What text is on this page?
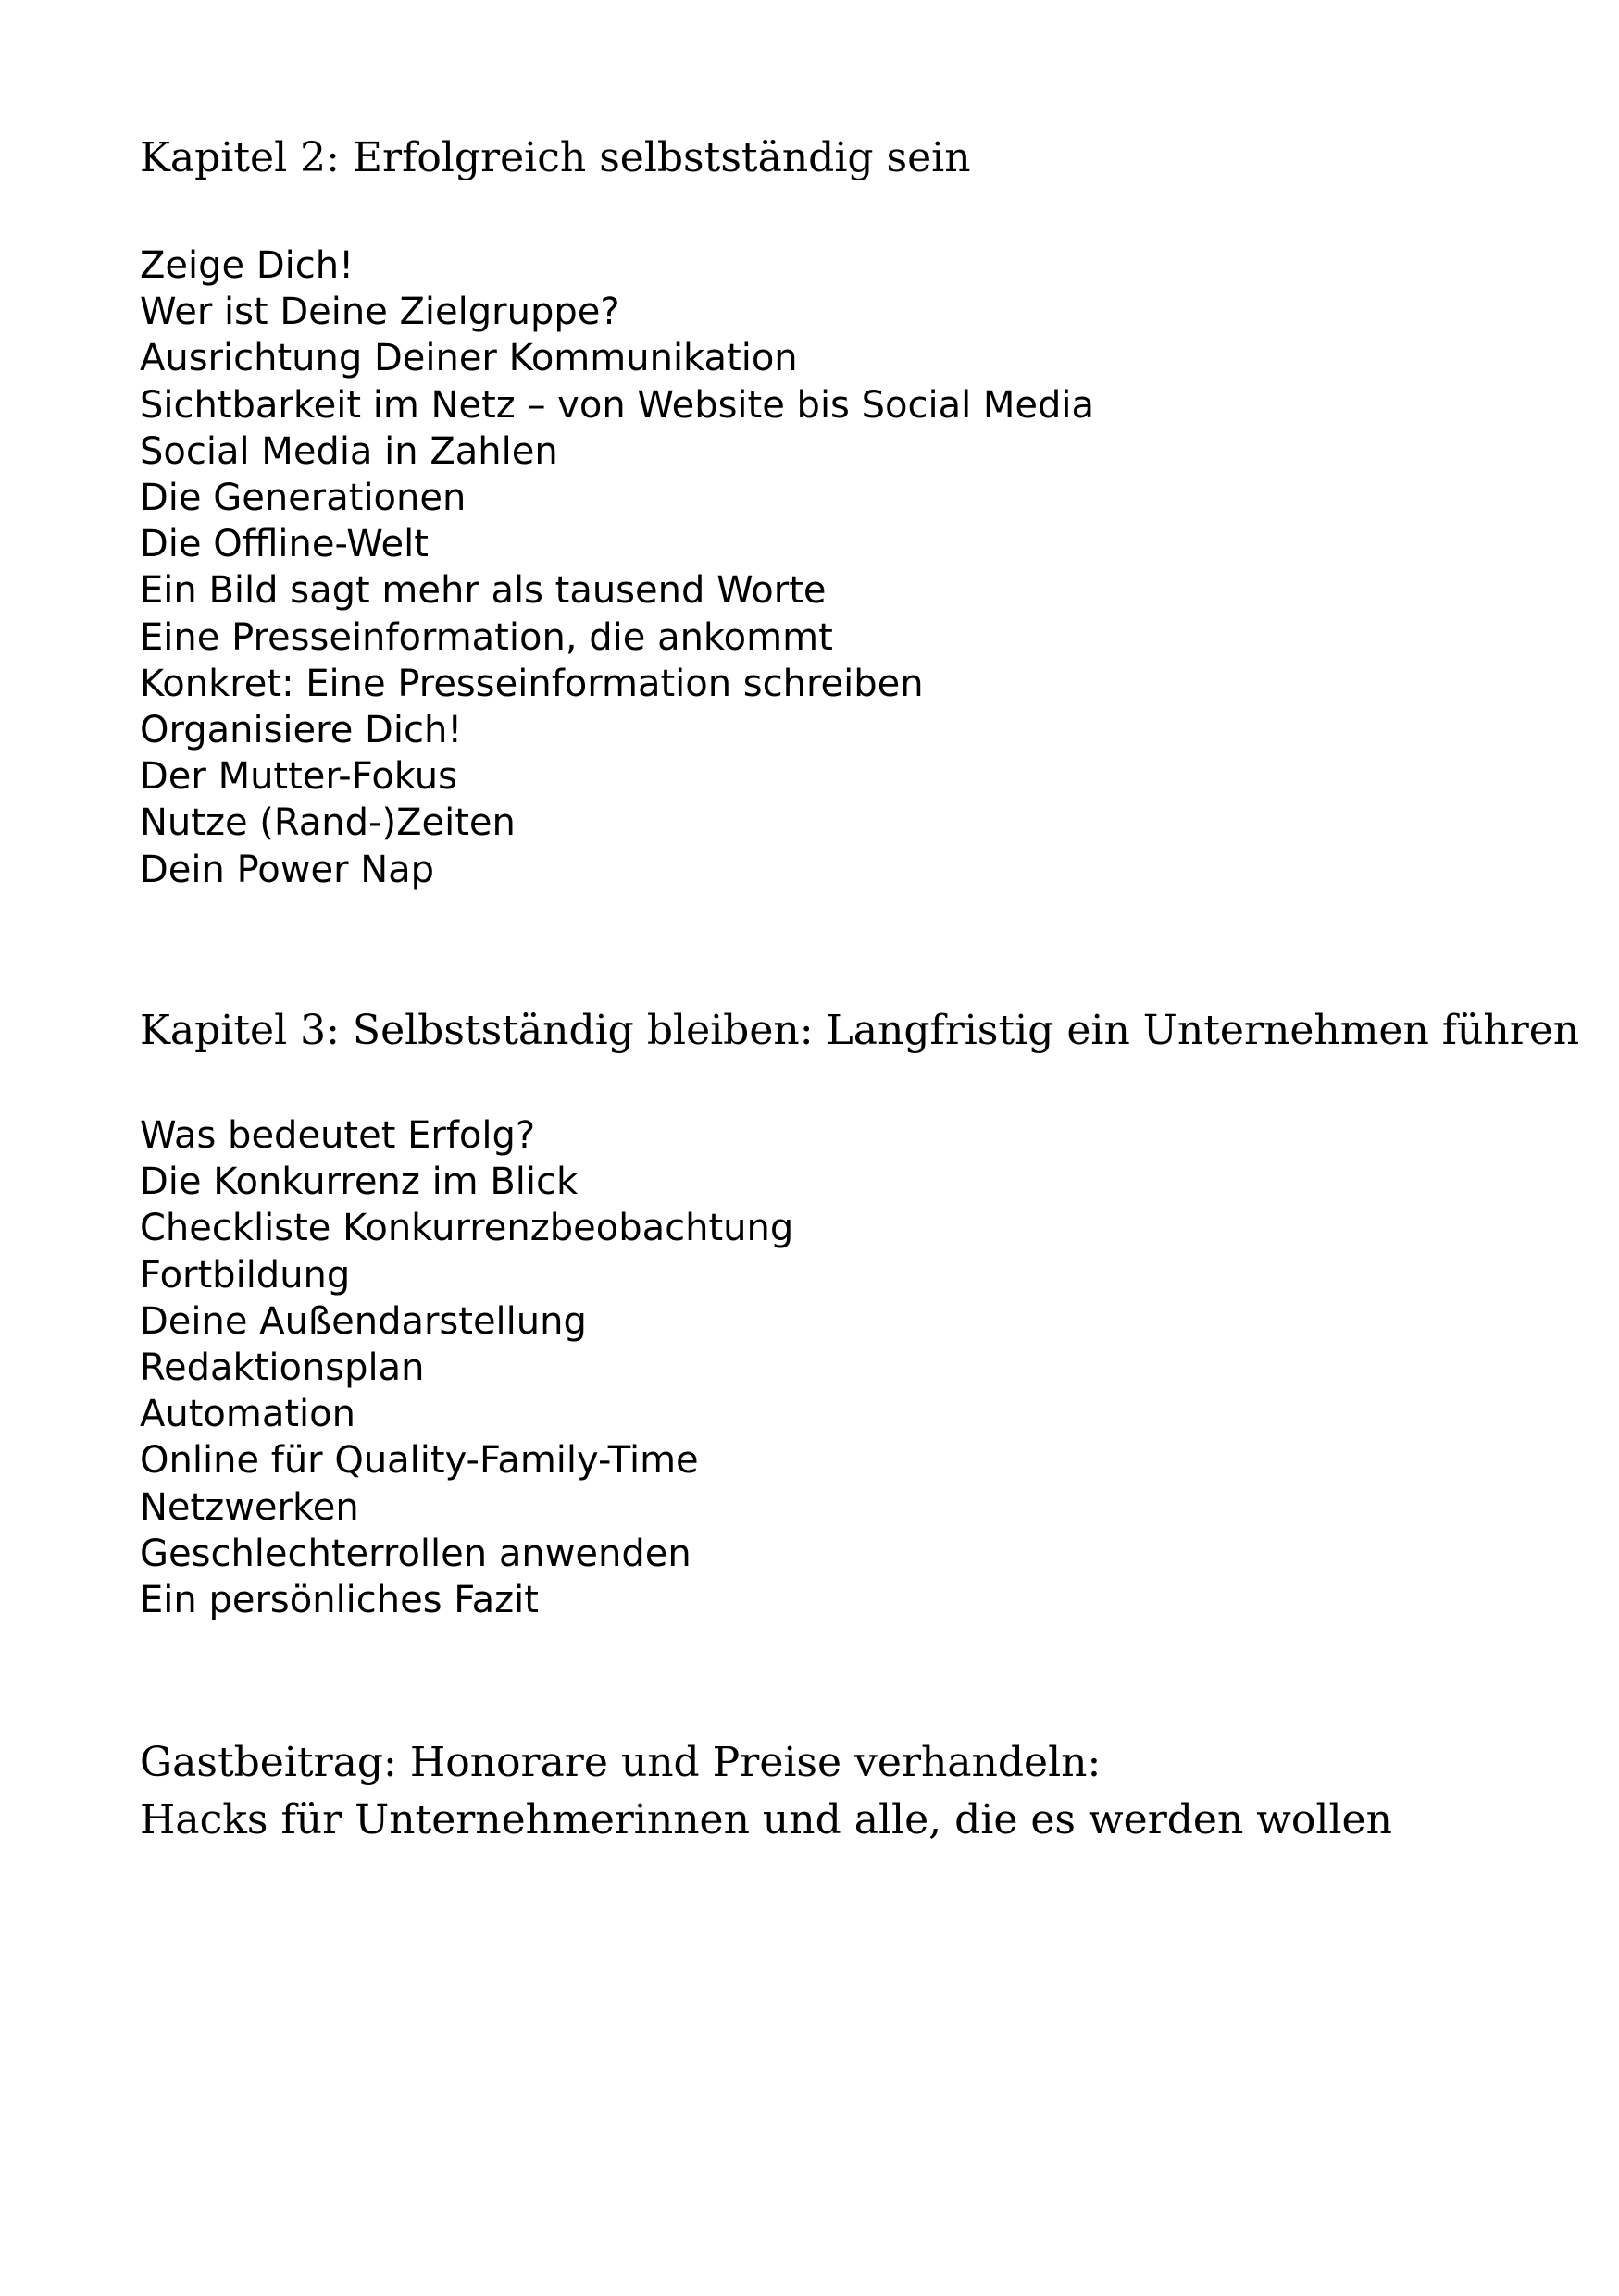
Kapitel 2: Erfolgreich selbstständig sein
Zeige Dich!
Wer ist Deine Zielgruppe?
Ausrichtung Deiner Kommunikation
Sichtbarkeit im Netz – von Website bis Social Media
Social Media in Zahlen
Die Generationen
Die Offline-Welt
Ein Bild sagt mehr als tausend Worte
Eine Presseinformation, die ankommt
Konkret: Eine Presseinformation schreiben
Organisiere Dich!
Der Mutter-Fokus
Nutze (Rand-)Zeiten
Dein Power Nap
Kapitel 3: Selbstständig bleiben: Langfristig ein Unternehmen führen
Was bedeutet Erfolg?
Die Konkurrenz im Blick
Checkliste Konkurrenzbeobachtung
Fortbildung
Deine Außendarstellung
Redaktionsplan
Automation
Online für Quality-Family-Time
Netzwerken
Geschlechterrollen anwenden
Ein persönliches Fazit
Gastbeitrag: Honorare und Preise verhandeln:
Hacks für Unternehmerinnen und alle, die es werden wollen
